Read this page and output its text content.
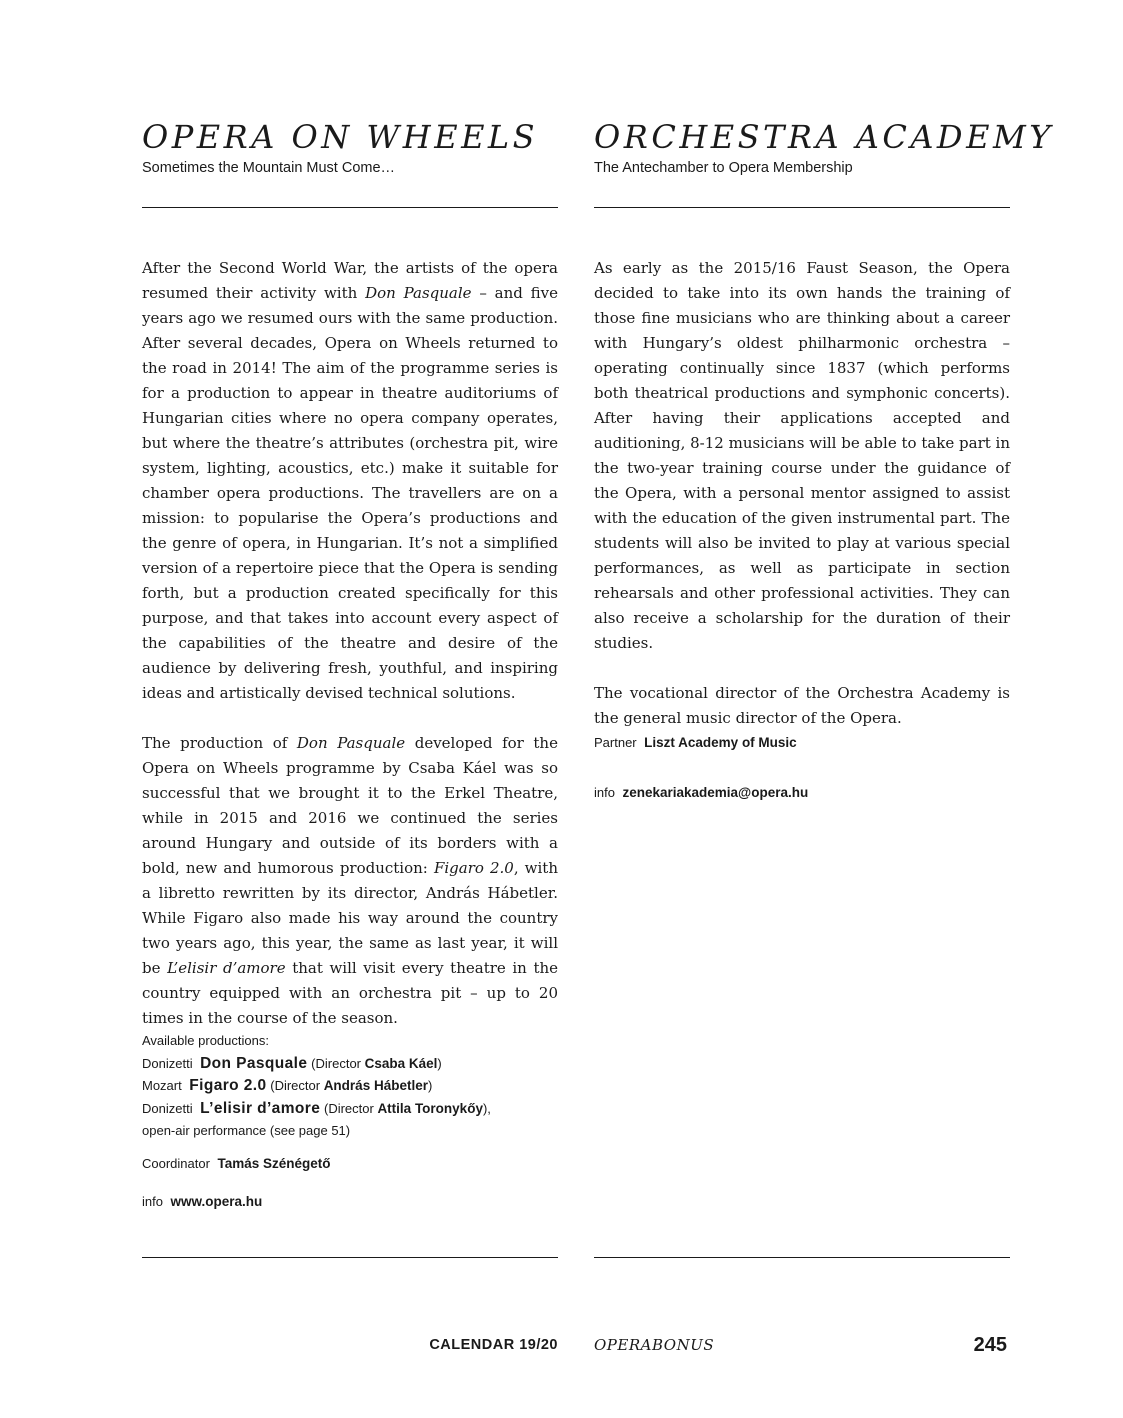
OPERA ON WHEELS
Sometimes the Mountain Must Come…

After the Second World War, the artists of the opera resumed their activity with Don Pasquale – and five years ago we resumed ours with the same production. After several decades, Opera on Wheels returned to the road in 2014! The aim of the programme series is for a production to appear in theatre auditoriums of Hungarian cities where no opera company operates, but where the theatre’s attributes (orchestra pit, wire system, lighting, acoustics, etc.) make it suitable for chamber opera productions. The travellers are on a mission: to popularise the Opera’s productions and the genre of opera, in Hungarian. It’s not a simplified version of a repertoire piece that the Opera is sending forth, but a production created specifically for this purpose, and that takes into account every aspect of the capabilities of the theatre and desire of the audience by delivering fresh, youthful, and inspiring ideas and artistically devised technical solutions.

The production of Don Pasquale developed for the Opera on Wheels programme by Csaba Káel was so successful that we brought it to the Erkel Theatre, while in 2015 and 2016 we continued the series around Hungary and outside of its borders with a bold, new and humorous production: Figaro 2.0, with a libretto rewritten by its director, András Hábetler. While Figaro also made his way around the country two years ago, this year, the same as last year, it will be L’elisir d’amore that will visit every theatre in the country equipped with an orchestra pit – up to 20 times in the course of the season.

Available productions:

Donizetti Don Pasquale (Director Csaba Káel)

Mozart Figaro 2.0 (Director András Hábetler)

Donizetti L’elisir d’amore (Director Attila Toronykőy),

open-air performance (see page 51)

Coordinator Tamás Szénégető

info www.opera.hu

ORCHESTRA ACADEMY
The Antechamber to Opera Membership

As early as the 2015/16 Faust Season, the Opera decided to take into its own hands the training of those fine musicians who are thinking about a career with Hungary’s oldest philharmonic orchestra – operating continually since 1837 (which performs both theatrical productions and symphonic concerts). After having their applications accepted and auditioning, 8-12 musicians will be able to take part in the two-year training course under the guidance of the Opera, with a personal mentor assigned to assist with the education of the given instrumental part. The students will also be invited to play at various special performances, as well as participate in section rehearsals and other professional activities. They can also receive a scholarship for the duration of their studies.

The vocational director of the Orchestra Academy is the general music director of the Opera.

Partner Liszt Academy of Music

info zenekariakademia@opera.hu

CALENDAR 19/20 OPERABONUS	245
